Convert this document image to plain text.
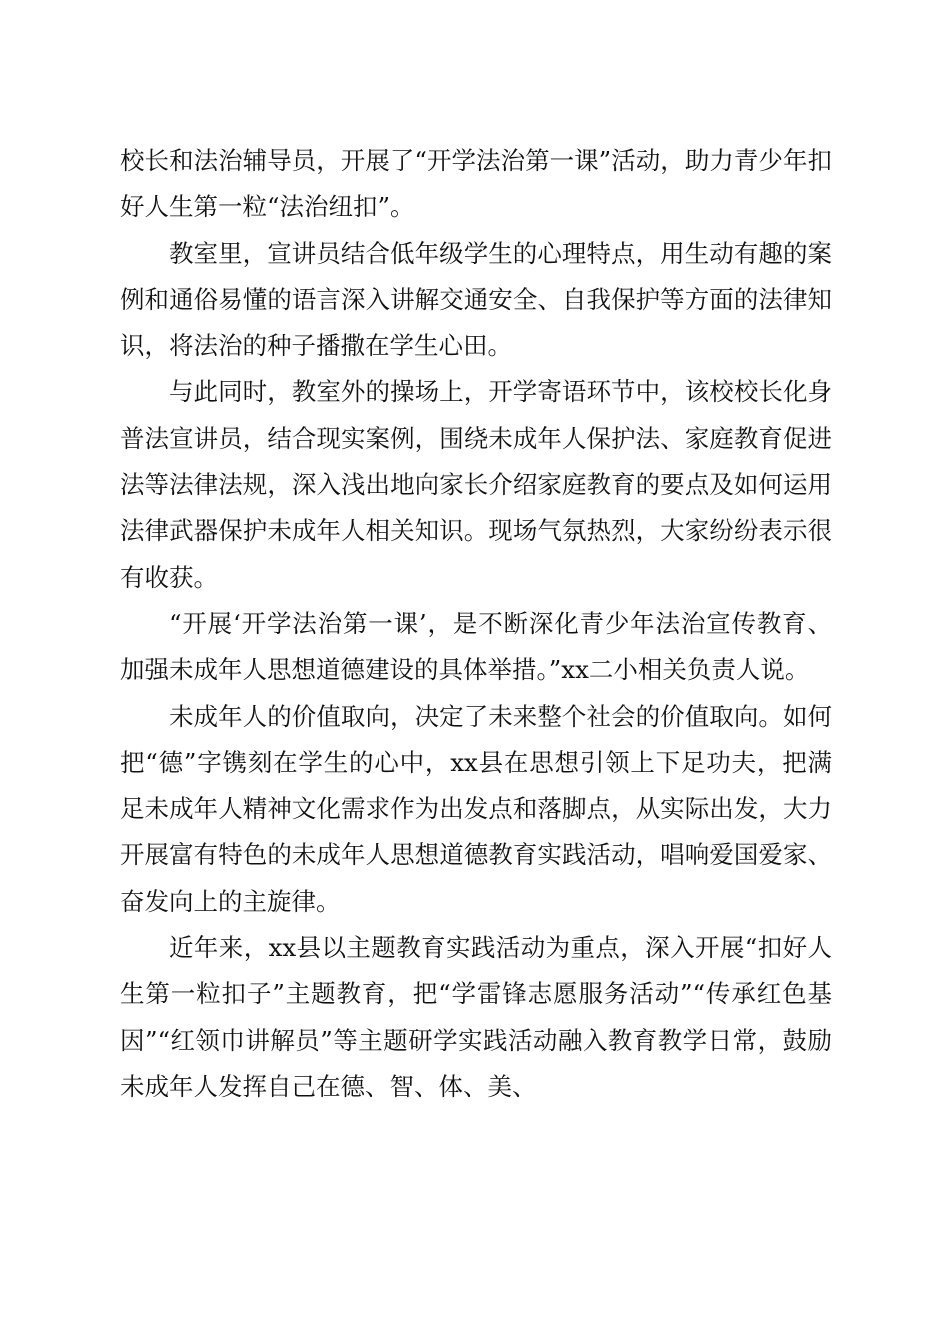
校长和法治辅导员，开展了“开学法治第一课”活动，助力青少年扣好人生第一粒“法治纽扣”。

教室里，宣讲员结合低年级学生的心理特点，用生动有趣的案例和通俗易懂的语言深入讲解交通安全、自我保护等方面的法律知识，将法治的种子播撒在学生心田。

与此同时，教室外的操场上，开学寄语环节中，该校校长化身普法宣讲员，结合现实案例，围绕未成年人保护法、家庭教育促进法等法律法规，深入浅出地向家长介绍家庭教育的要点及如何运用法律武器保护未成年人相关知识。现场气氛热烈，大家纷纷表示很有收获。

“开展‘开学法治第一课’，是不断深化青少年法治宣传教育、加强未成年人思想道德建设的具体举措。”xx二小相关负责人说。

未成年人的价值取向，决定了未来整个社会的价值取向。如何把“德”字镌刻在学生的心中，xx县在思想引领上下足功夫，把满足未成年人精神文化需求作为出发点和落脚点，从实际出发，大力开展富有特色的未成年人思想道德教育实践活动，唱响爱国爱家、奋发向上的主旋律。

近年来，xx县以主题教育实践活动为重点，深入开展“扣好人生第一粒扣子”主题教育，把“学雷锋志愿服务活动”“传承红色基因”“红领巾讲解员”等主题研学实践活动融入教育教学日常，鼓励未成年人发挥自己在德、智、体、美、
